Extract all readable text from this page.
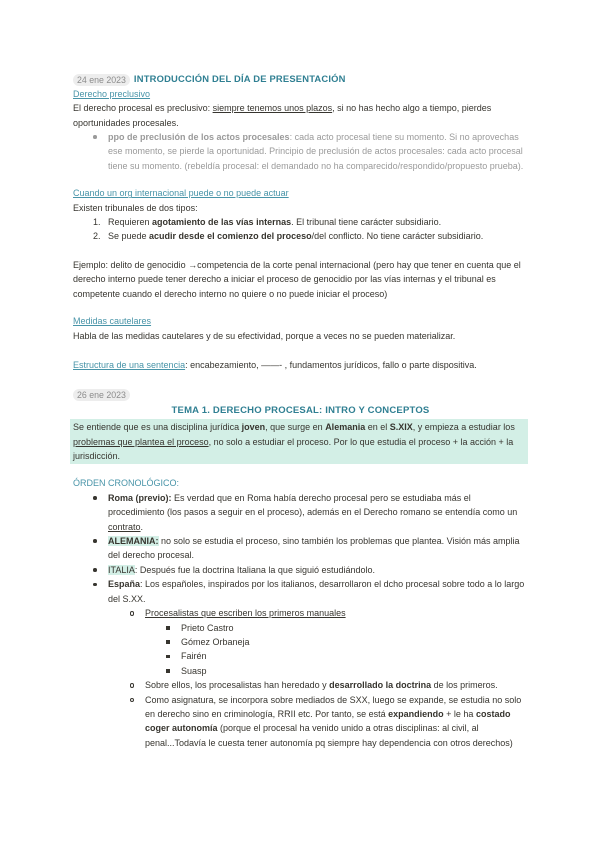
24 ene 2023 INTRODUCCIÓN DEL DÍA DE PRESENTACIÓN
Derecho preclusivo
El derecho procesal es preclusivo: siempre tenemos unos plazos, si no has hecho algo a tiempo, pierdes oportunidades procesales.
ppo de preclusión de los actos procesales: cada acto procesal tiene su momento. Si no aprovechas ese momento, se pierde la oportunidad. Principio de preclusión de actos procesales: cada acto procesal tiene su momento. (rebeldía procesal: el demandado no ha comparecido/respondido/propuesto prueba).
Cuando un org internacional puede o no puede actuar
Existen tribunales de dos tipos:
1. Requieren agotamiento de las vías internas. El tribunal tiene carácter subsidiario.
2. Se puede acudir desde el comienzo del proceso/del conflicto. No tiene carácter subsidiario.
Ejemplo: delito de genocidio →competencia de la corte penal internacional (pero hay que tener en cuenta que el derecho interno puede tener derecho a iniciar el proceso de genocidio por las vías internas y el tribunal es competente cuando el derecho interno no quiere o no puede iniciar el proceso)
Medidas cautelares
Habla de las medidas cautelares y de su efectividad, porque a veces no se pueden materializar.
Estructura de una sentencia: encabezamiento, ——- , fundamentos jurídicos, fallo o parte dispositiva.
26 ene 2023
TEMA 1. DERECHO PROCESAL: INTRO Y CONCEPTOS
Se entiende que es una disciplina jurídica joven, que surge en Alemania en el S.XIX, y empieza a estudiar los problemas que plantea el proceso, no solo a estudiar el proceso. Por lo que estudia el proceso + la acción + la jurisdicción.
ÓRDEN CRONOLÓGICO:
Roma (previo): Es verdad que en Roma había derecho procesal pero se estudiaba más el procedimiento (los pasos a seguir en el proceso), además en el Derecho romano se entendía como un contrato.
ALEMANIA: no solo se estudia el proceso, sino también los problemas que plantea. Visión más amplia del derecho procesal.
ITALIA: Después fue la doctrina Italiana la que siguió estudiándolo.
España: Los españoles, inspirados por los italianos, desarrollaron el dcho procesal sobre todo a lo largo del S.XX.
Procesalistas que escriben los primeros manuales
Prieto Castro
Gómez Orbaneja
Fairén
Suasp
Sobre ellos, los procesalistas han heredado y desarrollado la doctrina de los primeros.
Como asignatura, se incorpora sobre mediados de SXX, luego se expande, se estudia no solo en derecho sino en criminología, RRII etc. Por tanto, se está expandiendo + le ha costado coger autonomía (porque el procesal ha venido unido a otras disciplinas: al civil, al penal...Todavía le cuesta tener autonomía pq siempre hay dependencia con otros derechos)
